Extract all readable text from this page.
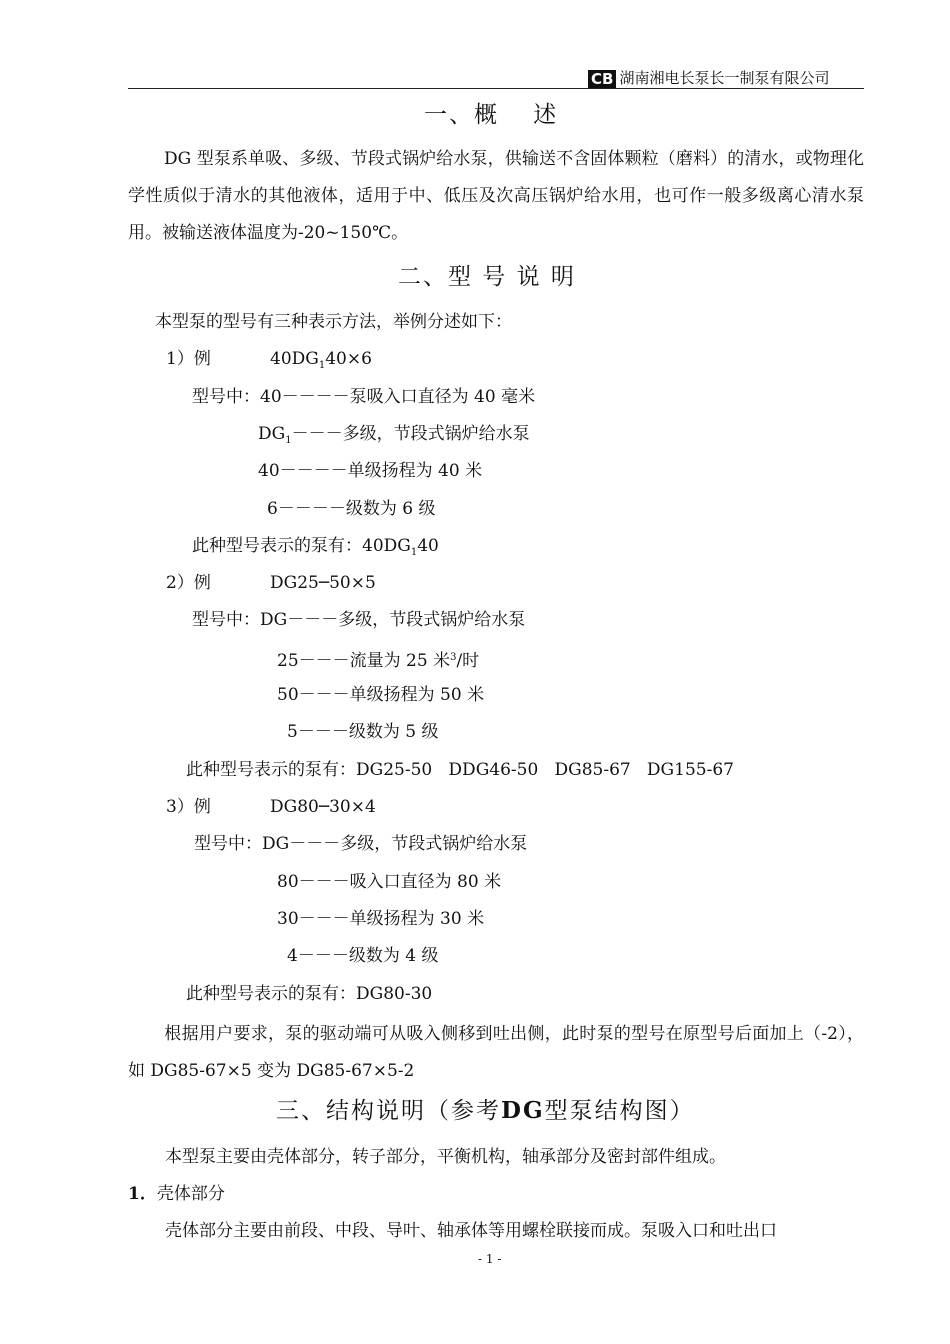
CB 湖南湘电长泵长一制泵有限公司
一、概　 述
DG 型泵系单吸、多级、节段式锅炉给水泵，供输送不含固体颗粒（磨料）的清水，或物理化学性质似于清水的其他液体，适用于中、低压及次高压锅炉给水用，也可作一般多级离心清水泵用。被输送液体温度为-20~150℃。
二、型 号 说 明
本型泵的型号有三种表示方法，举例分述如下：
1）例	$40DG_140\times 6$
型号中：40－－－－泵吸入口直径为 40 毫米
$DG_1---$多级，节段式锅炉给水泵
40－－－－单级扬程为 40 米
6－－－－级数为 6 级
此种型号表示的泵有：$40DG_140$
2）例	DG25─50×5
型号中：DG－－－多级，节段式锅炉给水泵
25－－－流量为 25 米$^3$/时
50－－－单级扬程为 50 米
5－－－级数为 5 级
此种型号表示的泵有：DG25-50   DDG46-50   DG85-67   DG155-67
3）例	DG80─30×4
型号中：DG－－－多级，节段式锅炉给水泵
80－－－吸入口直径为 80 米
30－－－单级扬程为 30 米
4－－－级数为 4 级
此种型号表示的泵有：DG80-30
根据用户要求，泵的驱动端可从吸入侧移到吐出侧，此时泵的型号在原型号后面加上（-2），如 DG85-67×5 变为 DG85-67×5-2
三、结构说明（参考DG型泵结构图）
本型泵主要由壳体部分，转子部分，平衡机构，轴承部分及密封部件组成。
1．壳体部分
壳体部分主要由前段、中段、导叶、轴承体等用螺栓联接而成。泵吸入口和吐出口
- 1 -
